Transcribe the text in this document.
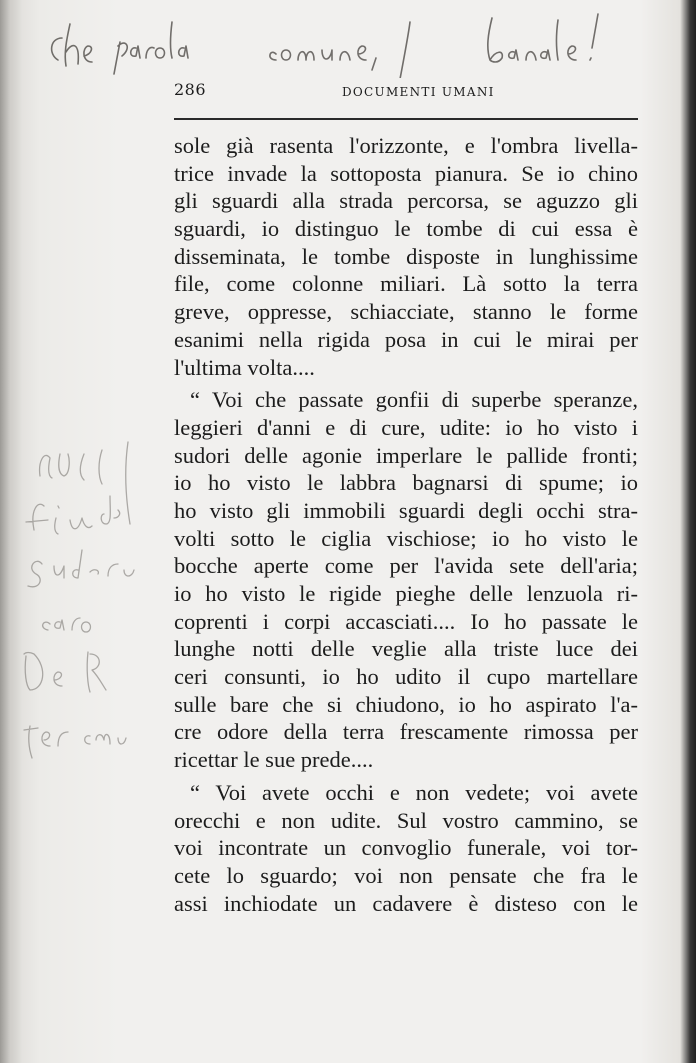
286	DOCUMENTI UMANI
sole già rasenta l'orizzonte, e l'ombra livella-
trice invade la sottoposta pianura. Se io chino
gli sguardi alla strada percorsa, se aguzzo gli
sguardi, io distinguo le tombe di cui essa è
disseminata, le tombe disposte in lunghissime
file, come colonne miliari. Là sotto la terra
greve, oppresse, schiacciate, stanno le forme
esanimi nella rigida posa in cui le mirai per
l'ultima volta....
“ Voi che passate gonfii di superbe speranze,
leggieri d'anni e di cure, udite: io ho visto i
sudori delle agonie imperlare le pallide fronti;
io ho visto le labbra bagnarsi di spume; io
ho visto gli immobili sguardi degli occhi stra-
volti sotto le ciglia vischiose; io ho visto le
bocche aperte come per l'avida sete dell'aria;
io ho visto le rigide pieghe delle lenzuola ri-
coprenti i corpi accasciati.... Io ho passate le
lunghe notti delle veglie alla triste luce dei
ceri consunti, io ho udito il cupo martellare
sulle bare che si chiudono, io ho aspirato l'a-
cre odore della terra frescamente rimossa per
ricettar le sue prede....
“ Voi avete occhi e non vedete; voi avete
orecchi e non udite. Sul vostro cammino, se
voi incontrate un convoglio funerale, voi tor-
cete lo sguardo; voi non pensate che fra le
assi inchiodate un cadavere è disteso con le
